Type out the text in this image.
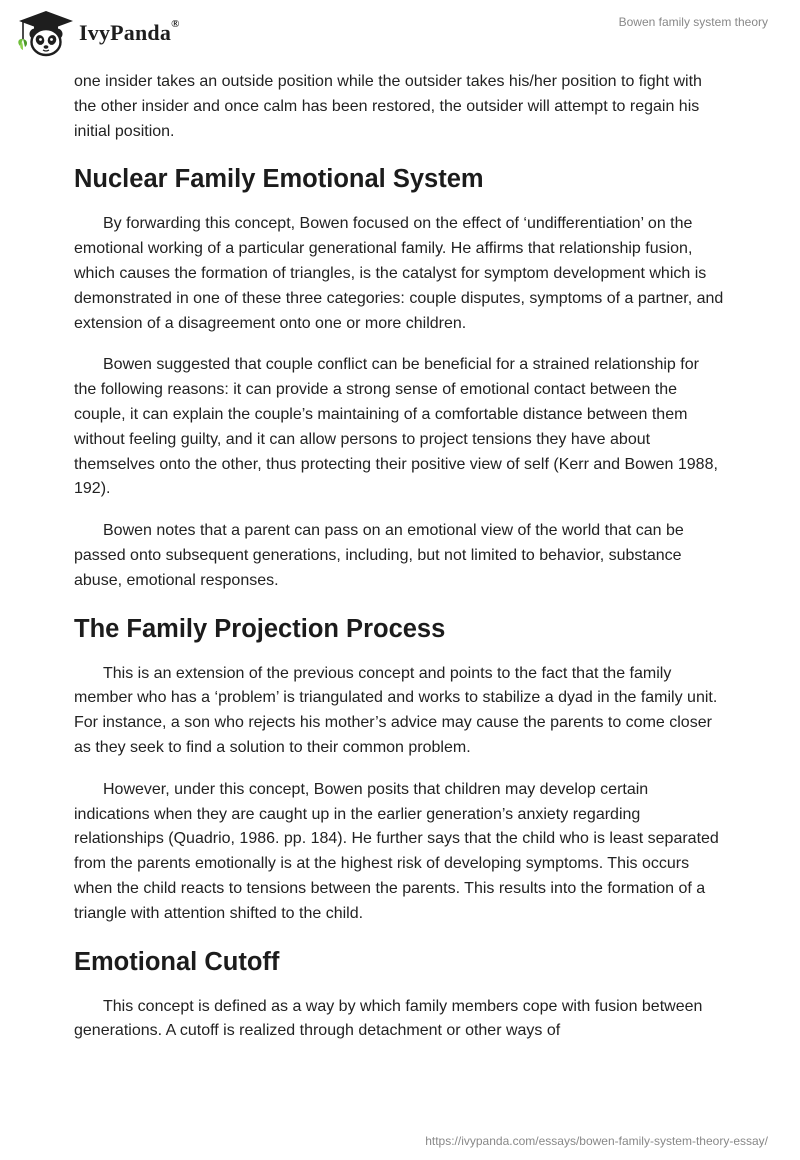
IvyPanda®	Bowen family system theory

one insider takes an outside position while the outsider takes his/her position to fight with the other insider and once calm has been restored, the outsider will attempt to regain his initial position.

Nuclear Family Emotional System

By forwarding this concept, Bowen focused on the effect of ‘undifferentiation’ on the emotional working of a particular generational family. He affirms that relationship fusion, which causes the formation of triangles, is the catalyst for symptom development which is demonstrated in one of these three categories: couple disputes, symptoms of a partner, and extension of a disagreement onto one or more children.

Bowen suggested that couple conflict can be beneficial for a strained relationship for the following reasons: it can provide a strong sense of emotional contact between the couple, it can explain the couple’s maintaining of a comfortable distance between them without feeling guilty, and it can allow persons to project tensions they have about themselves onto the other, thus protecting their positive view of self (Kerr and Bowen 1988, 192).

Bowen notes that a parent can pass on an emotional view of the world that can be passed onto subsequent generations, including, but not limited to behavior, substance abuse, emotional responses.

The Family Projection Process

This is an extension of the previous concept and points to the fact that the family member who has a ‘problem’ is triangulated and works to stabilize a dyad in the family unit. For instance, a son who rejects his mother’s advice may cause the parents to come closer as they seek to find a solution to their common problem.

However, under this concept, Bowen posits that children may develop certain indications when they are caught up in the earlier generation’s anxiety regarding relationships (Quadrio, 1986. pp. 184). He further says that the child who is least separated from the parents emotionally is at the highest risk of developing symptoms. This occurs when the child reacts to tensions between the parents. This results into the formation of a triangle with attention shifted to the child.

Emotional Cutoff

This concept is defined as a way by which family members cope with fusion between generations. A cutoff is realized through detachment or other ways of

https://ivypanda.com/essays/bowen-family-system-theory-essay/
